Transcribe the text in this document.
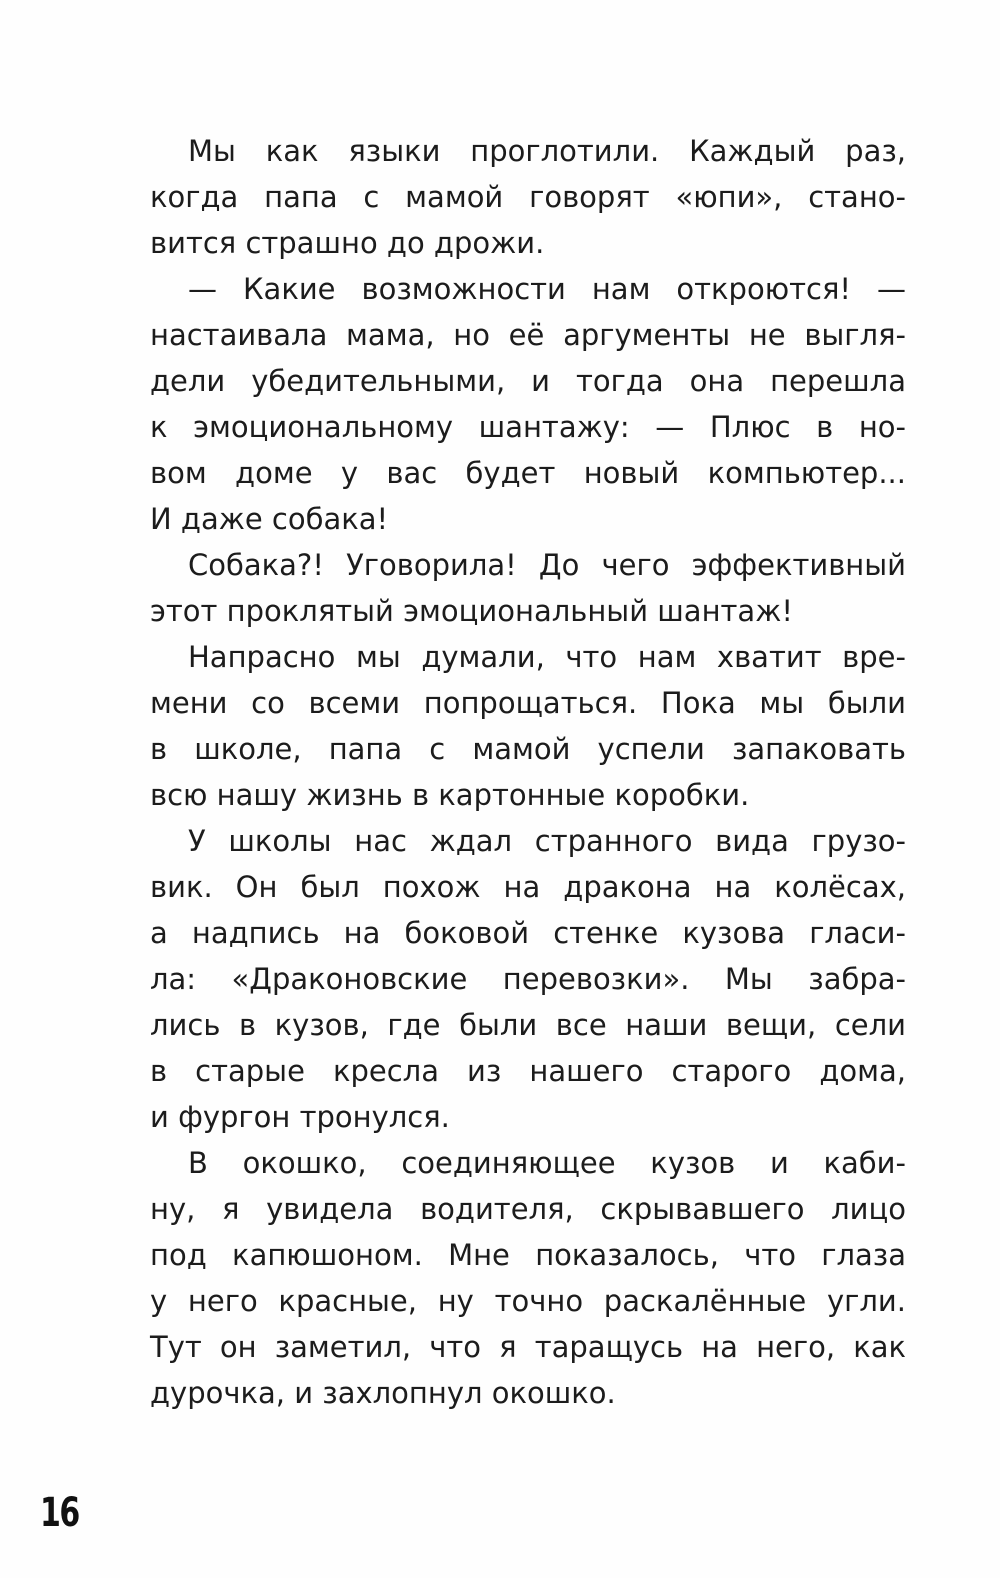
Мы как языки проглотили. Каждый раз,
когда папа с мамой говорят «юпи», стано-
вится страшно до дрожи.
— Какие возможности нам откроются! —
настаивала мама, но её аргументы не выгля-
дели убедительными, и тогда она перешла
к эмоциональному шантажу: — Плюс в но-
вом доме у вас будет новый компьютер...
И даже собака!
Собака?! Уговорила! До чего эффективный
этот проклятый эмоциональный шантаж!
Напрасно мы думали, что нам хватит вре-
мени со всеми попрощаться. Пока мы были
в школе, папа с мамой успели запаковать
всю нашу жизнь в картонные коробки.
У школы нас ждал странного вида грузо-
вик. Он был похож на дракона на колёсах,
а надпись на боковой стенке кузова гласи-
ла: «Драконовские перевозки». Мы забра-
лись в кузов, где были все наши вещи, сели
в старые кресла из нашего старого дома,
и фургон тронулся.
В окошко, соединяющее кузов и каби-
ну, я увидела водителя, скрывавшего лицо
под капюшоном. Мне показалось, что глаза
у него красные, ну точно раскалённые угли.
Тут он заметил, что я таращусь на него, как
дурочка, и захлопнул окошко.
16
